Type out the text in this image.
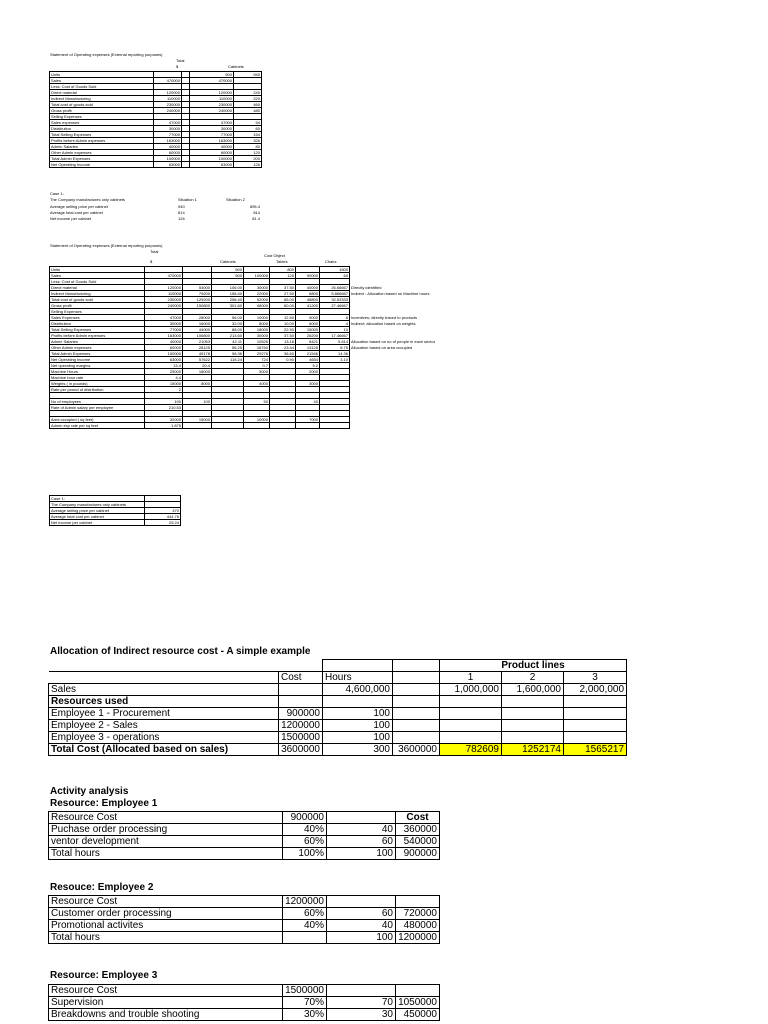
Statement of Operating expenses (External reporting purposes)
Total
$	Cabinets
Units			500	940
Sales	470000		470000	
Less: Cost of Goods Sold				
Direct material	120000		120000	240
Indirect Manufacturing	110000		110000	220
Total cost of goods sold	230000		230000	460
Gross profit	240000		240000	480
Selling Expenses				
Sales expenses	47000		47000	94
Distribution	30000		30000	60
Total Selling Expenses	77000		77000	154
Profits before Admin expenses	163000		163000	326
Admin Salaries	40000		40000	80
Other Admin expenses	60000		60000	120
Total Admin Expenses	100000		100000	200
Net Operating Income	63000		63000	126
Case 1:
The Company manufactures only cabinets	Situation 1	Situation 2
Average selling price per cabinet	940	895.4
Average total cost per cabinet	814	814
Net income per cabinet	126	81.4
Statement of Operating expenses (External reporting purposes)
Total
Cost Object
$	Cabinets	Tables	Chairs
Units			500		800		1500	
Sales	470000		500	100000	125	90000	60	
Less: Cost of Goods Sold								
Direct material	120000	53000	106.00	30000	37.50	40000	26.66667	Directly identified
Indirect Manufacturing	110000	79200	158.40	22000	27.50	8800	5.866667	Indirect : Allocation based on Machine hours
Total cost of goods sold	230000	129200	258.40	52000	65.00	48800	32.53333	
Gross profit	240000	150800	301.60	48000	60.00	41200	27.46667	
Selling Expenses								
Sales Expenses	47000	28000	56.00	10000	12.50	9000	6	Incentives; directly traced to products
Distribution	30000	16000	32.00	8000	10.00	6000	4	Indirect; allocation based on weights
Total Selling Expenses	77000	44000	88.00	18000	22.50	15000	10	
Profits before Admin expenses	163000	106800	213.60	30000	37.50	26200	17.46667	
Admin Salaries	40000	21053	42.11	10526	13.16	8421	5.614	Allocation based on no of people in each sector
Other Admin expenses	60000	28125	56.25	18750	23.44	13125	8.75	Allocation based on area occupied
Total Admin Expenses	100000	49178	98.36	29276	36.60	21546	14.36	
Net Operating Income	63000	57622	115.24	724	0.90	4654	3.10	
Net operating margins	13.4	20.4		0.7		5.2		
Machine Hours	25000	18000		5000		2000		
Machine hour rate	4.4							
Weights ( in pounds)	15000	8000		4000		3000		
Rate per pound of distribution	2							

No of employees	190	100		50		40		
Rate of Admin salary per employee	210.53							

Area occupied ( sq feet)	32000	15000		10000		7000		
Admin exp rate per sq feet	1.875							
Case 1:	
The Company manufactures only cabinets	
Average selling price per cabinet	470
Average total cost per cabinet	444.76
Net income per cabinet	25.24
Allocation of Indirect resource cost - A simple example
				Product lines		
	Cost	Hours		1	2	3
Sales		4,600,000		1,000,000	1,600,000	2,000,000
Resources used						
Employee 1 - Procurement	900000	100				
Employee 2 - Sales	1200000	100				
Employee 3 - operations	1500000	100				
Total Cost (Allocated based on sales)	3600000	300	3600000	782609	1252174	1565217
Activity analysis
Resource: Employee 1
Resource Cost	900000		Cost
Puchase order processing	40%	40	360000
ventor development	60%	60	540000
Total hours	100%	100	900000
Resouce: Employee 2
Resource Cost	1200000		
Customer order processing	60%	60	720000
Promotional activites	40%	40	480000
Total hours		100	1200000
Resource: Employee 3
Resource Cost	1500000		
Supervision	70%	70	1050000
Breakdowns and trouble shooting	30%	30	450000
